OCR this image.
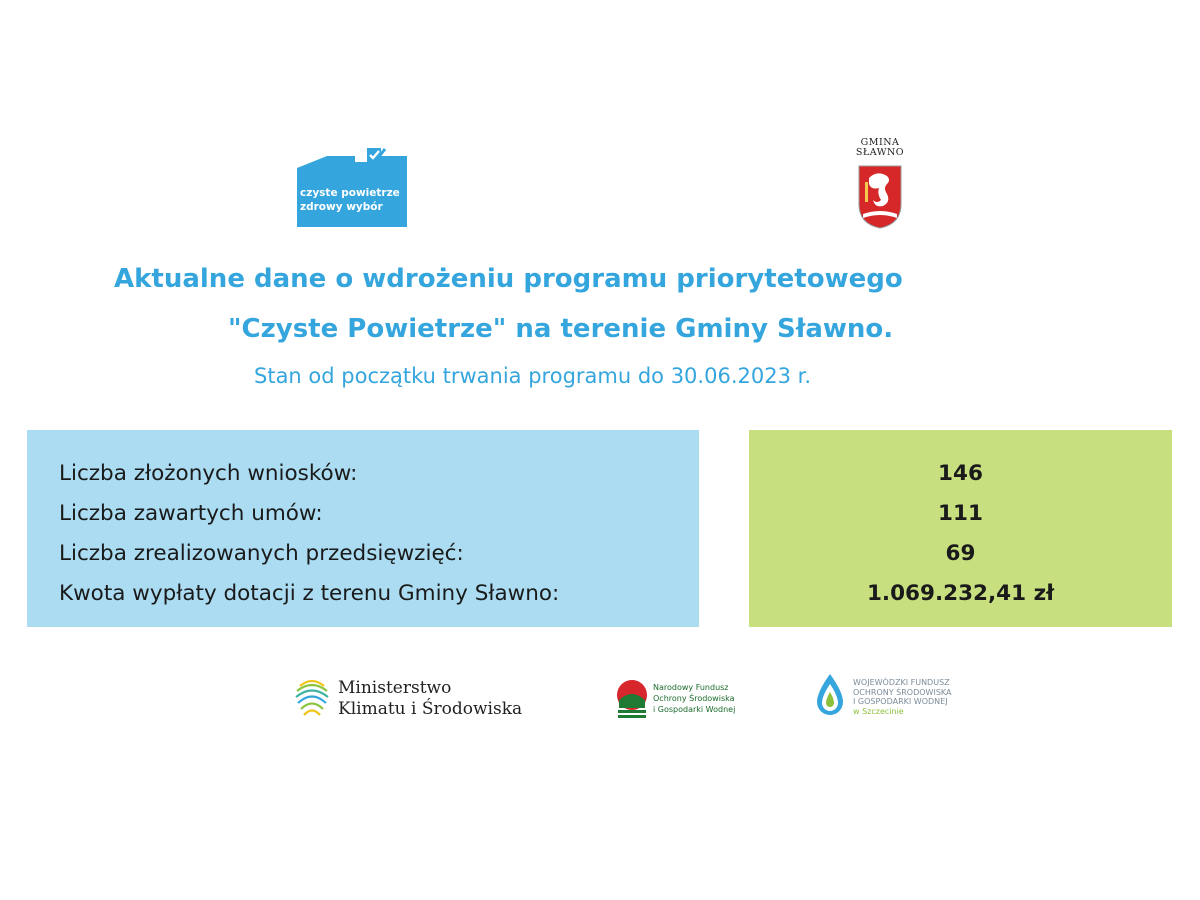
czyste powietrze
zdrowy wybór
GMINA
SŁAWNO
Aktualne dane o wdrożeniu programu priorytetowego
"Czyste Powietrze" na terenie Gminy Sławno.
Stan od początku trwania programu do 30.06.2023 r.
Liczba złożonych wniosków:
Liczba zawartych umów:
Liczba zrealizowanych przedsięwzięć:
Kwota wypłaty dotacji z terenu Gminy Sławno:
146
111
69
1.069.232,41 zł
Ministerstwo
Klimatu i Środowiska
Narodowy Fundusz
Ochrony Środowiska
i Gospodarki Wodnej
WOJEWÓDZKI FUNDUSZ
OCHRONY ŚRODOWISKA
I GOSPODARKI WODNEJ
w Szczecinie
